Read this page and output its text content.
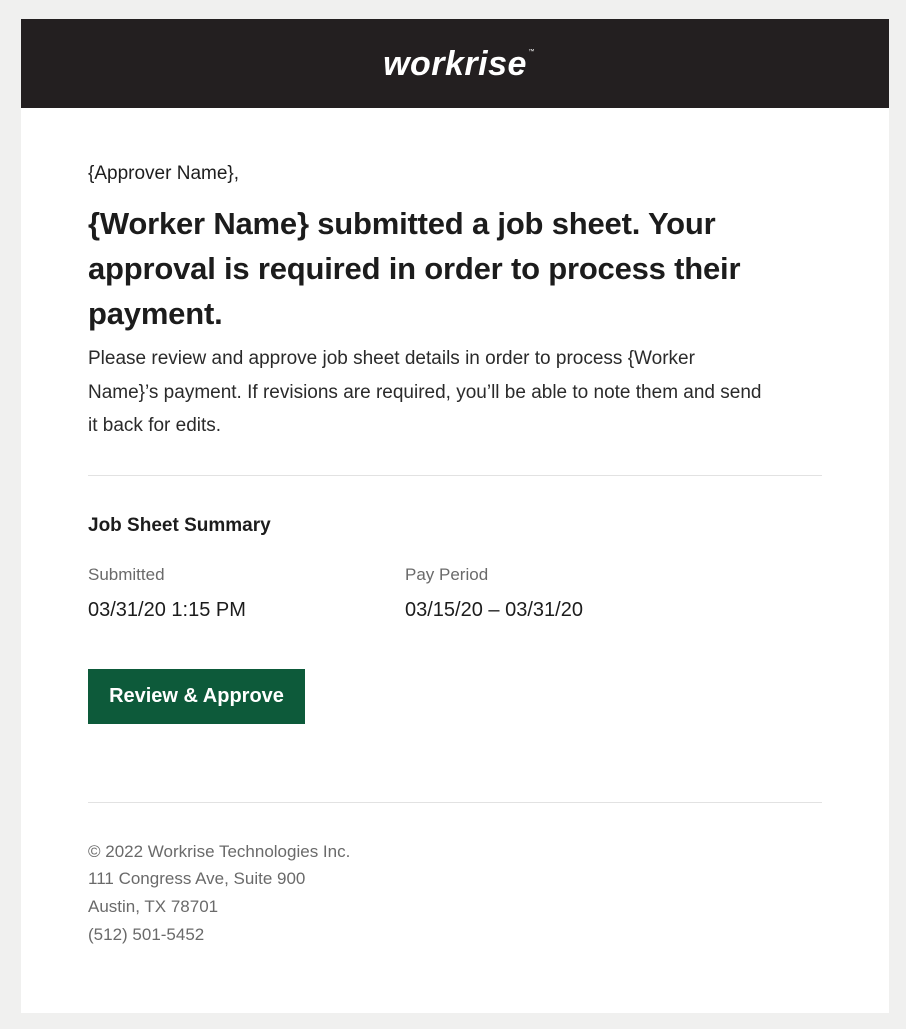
workrise ™
{Approver Name},
{Worker Name} submitted a job sheet. Your approval is required in order to process their payment.
Please review and approve job sheet details in order to process {Worker Name}’s payment. If revisions are required, you’ll be able to note them and send it back for edits.
Job Sheet Summary
Submitted
03/31/20 1:15 PM
Pay Period
03/15/20 – 03/31/20
Review & Approve
© 2022 Workrise Technologies Inc.
111 Congress Ave, Suite 900
Austin, TX 78701
(512) 501-5452
